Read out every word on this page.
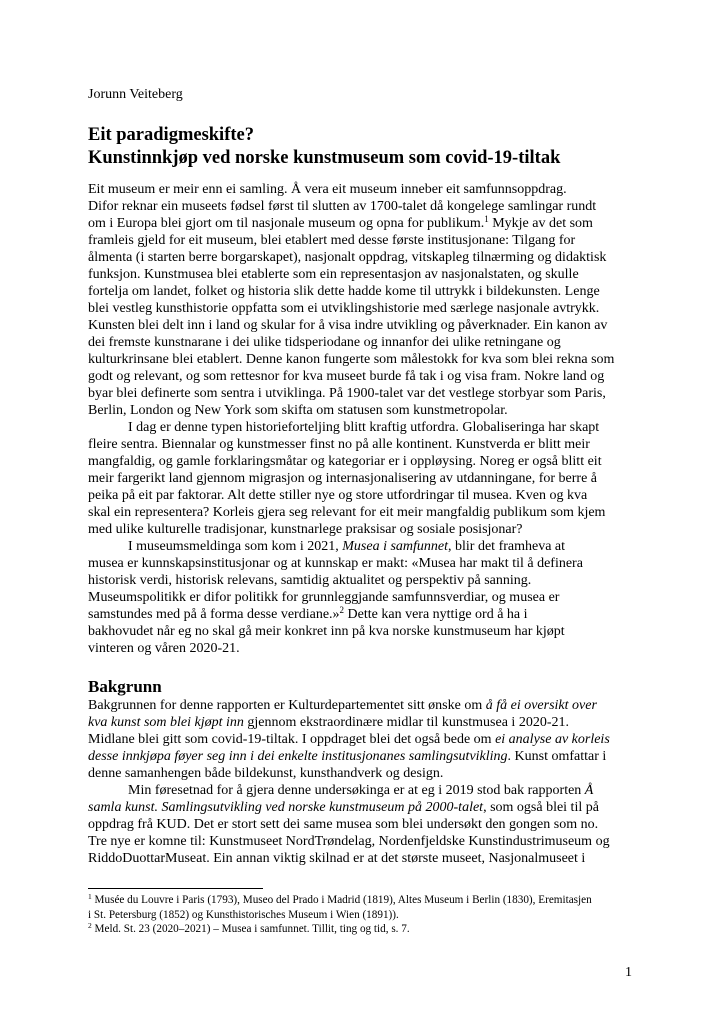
Jorunn Veiteberg

Eit paradigmeskifte?
Kunstinnkjøp ved norske kunstmuseum som covid-19-tiltak

Eit museum er meir enn ei samling. Å vera eit museum inneber eit samfunnsoppdrag.
Difor reknar ein museets fødsel først til slutten av 1700-talet då kongelege samlingar rundt
om i Europa blei gjort om til nasjonale museum og opna for publikum.$^1$ Mykje av det som
framleis gjeld for eit museum, blei etablert med desse første institusjonane: Tilgang for
ålmenta (i starten berre borgarskapet), nasjonalt oppdrag, vitskapleg tilnærming og didaktisk
funksjon. Kunstmusea blei etablerte som ein representasjon av nasjonalstaten, og skulle
fortelja om landet, folket og historia slik dette hadde kome til uttrykk i bildekunsten. Lenge
blei vestleg kunsthistorie oppfatta som ei utviklingshistorie med særlege nasjonale avtrykk.
Kunsten blei delt inn i land og skular for å visa indre utvikling og påverknader. Ein kanon av
dei fremste kunstnarane i dei ulike tidsperiodane og innanfor dei ulike retningane og
kulturkrinsane blei etablert. Denne kanon fungerte som målestokk for kva som blei rekna som
godt og relevant, og som rettesnor for kva museet burde få tak i og visa fram. Nokre land og
byar blei definerte som sentra i utviklinga. På 1900-talet var det vestlege storbyar som Paris,
Berlin, London og New York som skifta om statusen som kunstmetropolar.

I dag er denne typen historieforteljing blitt kraftig utfordra. Globaliseringa har skapt
fleire sentra. Biennalar og kunstmesser finst no på alle kontinent. Kunstverda er blitt meir
mangfaldig, og gamle forklaringsmåtar og kategoriar er i oppløysing. Noreg er også blitt eit
meir fargerikt land gjennom migrasjon og internasjonalisering av utdanningane, for berre å
peika på eit par faktorar. Alt dette stiller nye og store utfordringar til musea. Kven og kva
skal ein representera? Korleis gjera seg relevant for eit meir mangfaldig publikum som kjem
med ulike kulturelle tradisjonar, kunstnarlege praksisar og sosiale posisjonar?

I museumsmeldinga som kom i 2021, Musea i samfunnet, blir det framheva at
musea er kunnskapsinstitusjonar og at kunnskap er makt: «Musea har makt til å definera
historisk verdi, historisk relevans, samtidig aktualitet og perspektiv på sanning.
Museumspolitikk er difor politikk for grunnleggjande samfunnsverdiar, og musea er
samstundes med på å forma desse verdiane.»$^2$ Dette kan vera nyttige ord å ha i
bakhovudet når eg no skal gå meir konkret inn på kva norske kunstmuseum har kjøpt
vinteren og våren 2020-21.

Bakgrunn

Bakgrunnen for denne rapporten er Kulturdepartementet sitt ønske om å få ei oversikt over
kva kunst som blei kjøpt inn gjennom ekstraordinære midlar til kunstmusea i 2020-21.
Midlane blei gitt som covid-19-tiltak. I oppdraget blei det også bede om ei analyse av korleis
desse innkjøpa føyer seg inn i dei enkelte institusjonanes samlingsutvikling. Kunst omfattar i
denne samanhengen både bildekunst, kunsthandverk og design.

Min føresetnad for å gjera denne undersøkinga er at eg i 2019 stod bak rapporten Å
samla kunst. Samlingsutvikling ved norske kunstmuseum på 2000-talet, som også blei til på
oppdrag frå KUD. Det er stort sett dei same musea som blei undersøkt den gongen som no.
Tre nye er komne til: Kunstmuseet NordTrøndelag, Nordenfjeldske Kunstindustrimuseum og
RiddoDuottarMuseat. Ein annan viktig skilnad er at det største museet, Nasjonalmuseet i

$^1$ Musée du Louvre i Paris (1793), Museo del Prado i Madrid (1819), Altes Museum i Berlin (1830), Eremitasjen
i St. Petersburg (1852) og Kunsthistorisches Museum i Wien (1891)).
$^2$ Meld. St. 23 (2020–2021) – Musea i samfunnet. Tillit, ting og tid, s. 7.
1
